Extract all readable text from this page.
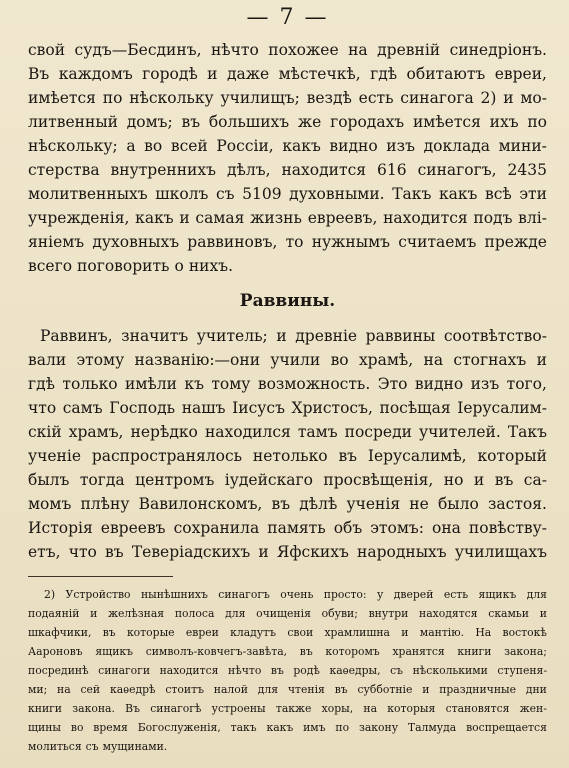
— 7 —
свой судъ—Бесдинъ, нѣчто похожее на древній синедріонъ.
Въ каждомъ городѣ и даже мѣстечкѣ, гдѣ обитаютъ евреи,
имѣется по нѣскольку училищъ; вездѣ есть синагога 2) и мо-
литвенный домъ; въ большихъ же городахъ имѣется ихъ по
нѣскольку; а во всей Россіи, какъ видно изъ доклада мини-
стерства внутреннихъ дѣлъ, находится 616 синагогъ, 2435
молитвенныхъ школъ съ 5109 духовными. Такъ какъ всѣ эти
учрежденія, какъ и самая жизнь евреевъ, находится подъ влі-
яніемъ духовныхъ раввиновъ, то нужнымъ считаемъ прежде
всего поговорить о нихъ.
Раввины.
Раввинъ, значитъ учитель; и древніе раввины соотвѣтство-
вали этому названію:—они учили во храмѣ, на стогнахъ и
гдѣ только имѣли къ тому возможность. Это видно изъ того,
что самъ Господь нашъ Іисусъ Христосъ, посѣщая Іерусалим-
скій храмъ, нерѣдко находился тамъ посреди учителей. Такъ
ученіе распространялось нетолько въ Іерусалимѣ, который
былъ тогда центромъ іудейскаго просвѣщенія, но и въ са-
момъ плѣну Вавилонскомъ, въ дѣлѣ ученія не было застоя.
Исторія евреевъ сохранила память объ этомъ: она повѣству-
етъ, что въ Теверіадскихъ и Яфскихъ народныхъ училищахъ
2) Устройство нынѣшнихъ синагогъ очень просто: у дверей есть ящикъ для
подаяній и желѣзная полоса для очищенія обуви; внутри находятся скамьи и
шкафчики, въ которые евреи кладутъ свои храмлишна и мантію. На востокѣ
Аароновъ ящикъ символъ-ковчегъ-завѣта, въ которомъ хранятся книги закона;
посрединѣ синагоги находится нѣчто въ родѣ каѳедры, съ нѣсколькими ступеня-
ми; на сей каѳедрѣ стоитъ налой для чтенія въ субботніе и праздничные дни
книги закона. Въ синагогѣ устроены также хоры, на которыя становятся жен-
щины во время Богослуженія, такъ какъ имъ по закону Талмуда воспрещается
молиться съ мущинами.
